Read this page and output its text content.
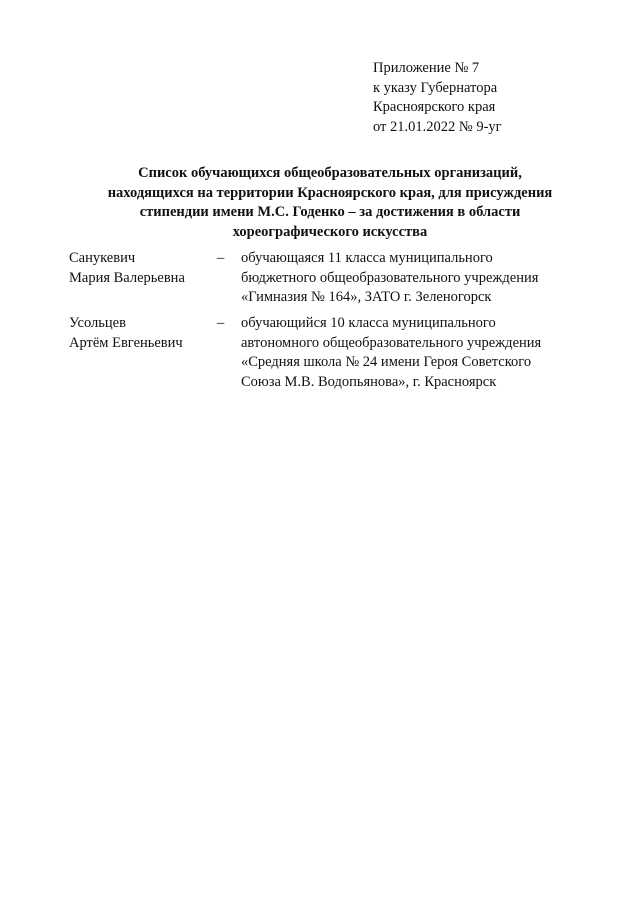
Приложение № 7
к указу Губернатора
Красноярского края
от 21.01.2022 № 9-уг
Список обучающихся общеобразовательных организаций,
находящихся на территории Красноярского края, для присуждения
стипендии имени М.С. Годенко – за достижения в области
хореографического искусства
Санукевич
Мария Валерьевна
– обучающаяся 11 класса муниципального
бюджетного общеобразовательного учреждения
«Гимназия № 164», ЗАТО г. Зеленогорск
Усольцев
Артём Евгеньевич
– обучающийся 10 класса муниципального
автономного общеобразовательного учреждения
«Средняя школа № 24 имени Героя Советского
Союза М.В. Водопьянова», г. Красноярск
